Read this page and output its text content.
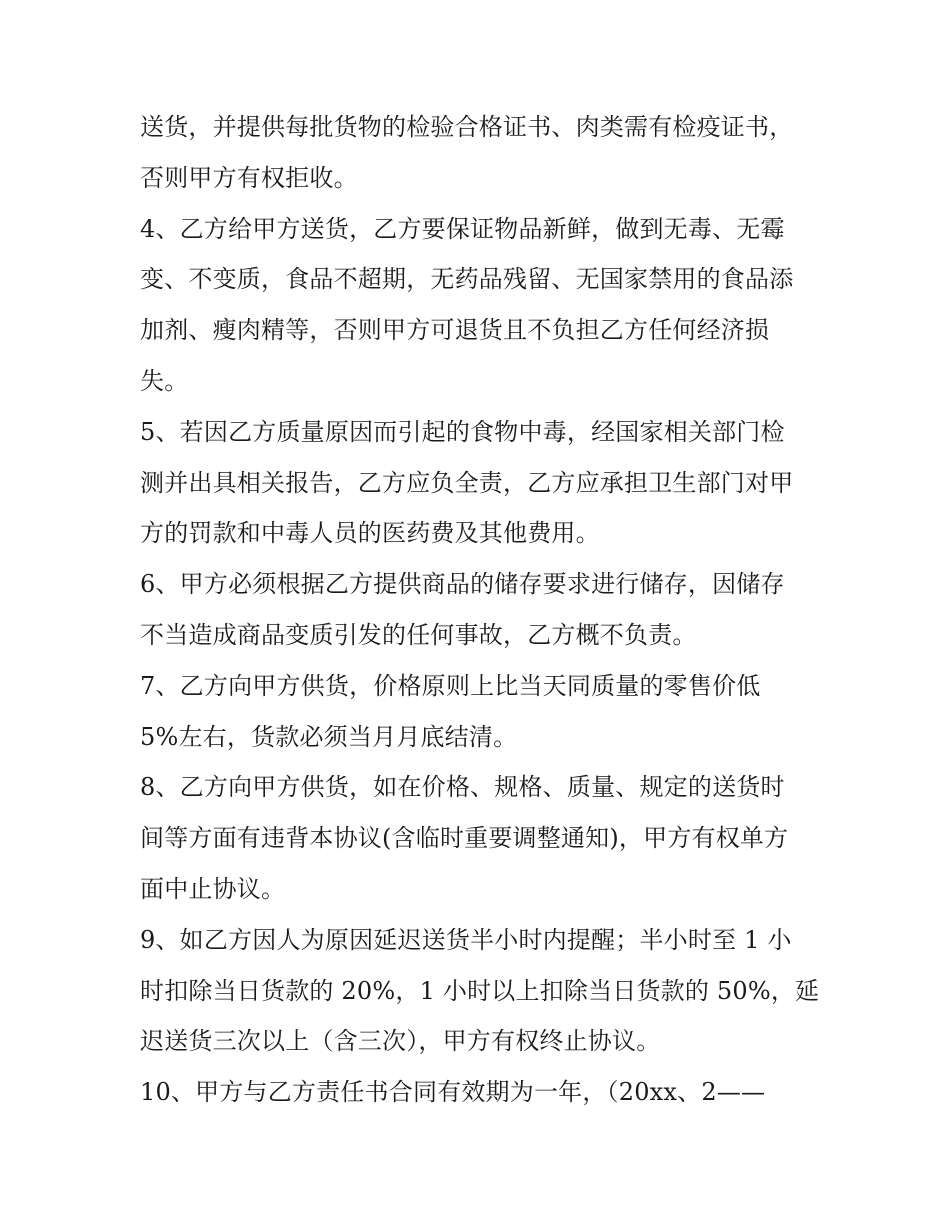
送货，并提供每批货物的检验合格证书、肉类需有检疫证书，
否则甲方有权拒收。
4、乙方给甲方送货，乙方要保证物品新鲜，做到无毒、无霉
变、不变质，食品不超期，无药品残留、无国家禁用的食品添
加剂、瘦肉精等，否则甲方可退货且不负担乙方任何经济损
失。
5、若因乙方质量原因而引起的食物中毒，经国家相关部门检
测并出具相关报告，乙方应负全责，乙方应承担卫生部门对甲
方的罚款和中毒人员的医药费及其他费用。
6、甲方必须根据乙方提供商品的储存要求进行储存，因储存
不当造成商品变质引发的任何事故，乙方概不负责。
7、乙方向甲方供货，价格原则上比当天同质量的零售价低
5%左右，货款必须当月月底结清。
8、乙方向甲方供货，如在价格、规格、质量、规定的送货时
间等方面有违背本协议(含临时重要调整通知)，甲方有权单方
面中止协议。
9、如乙方因人为原因延迟送货半小时内提醒；半小时至 1 小
时扣除当日货款的 20%，1 小时以上扣除当日货款的 50%，延
迟送货三次以上（含三次），甲方有权终止协议。
10、甲方与乙方责任书合同有效期为一年，（20xx、2——
